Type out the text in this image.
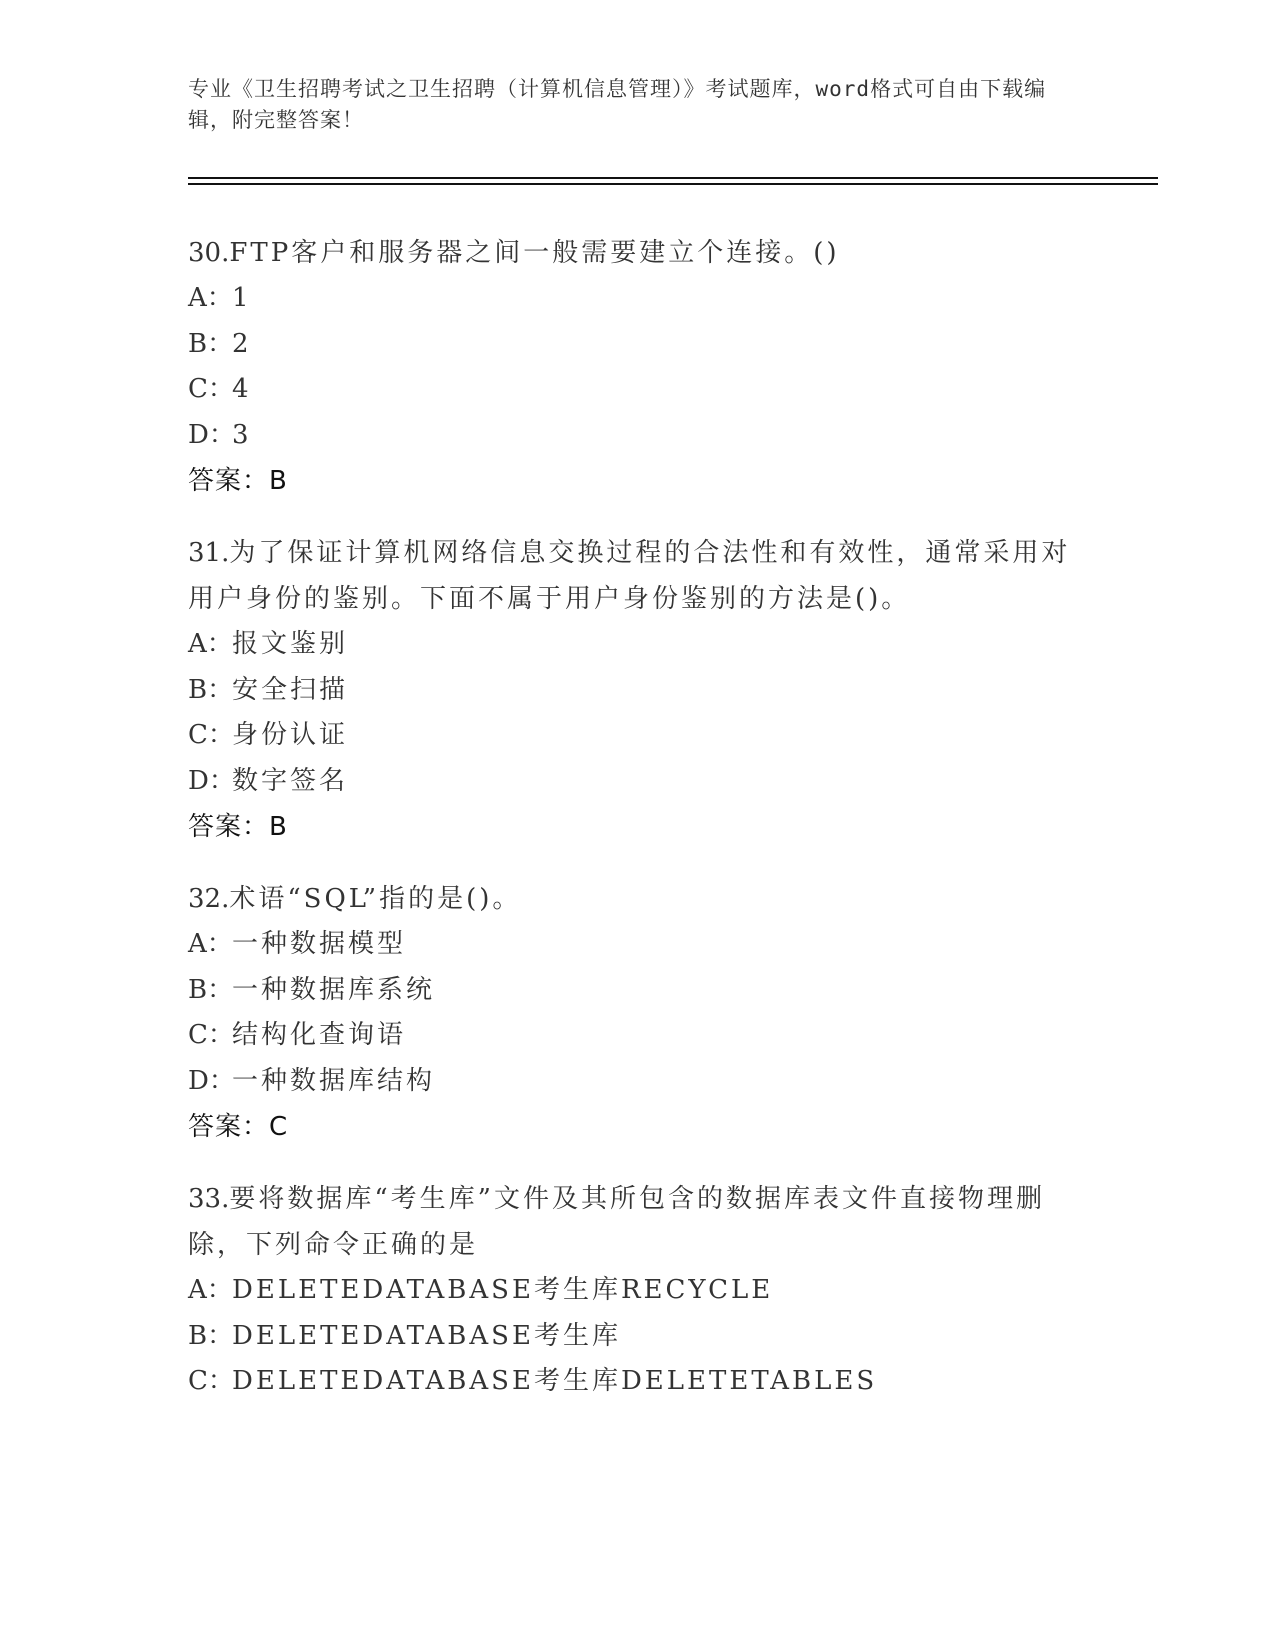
专业《卫生招聘考试之卫生招聘（计算机信息管理）》考试题库，word格式可自由下载编辑，附完整答案！
30.FTP客户和服务器之间一般需要建立个连接。()
A：1
B：2
C：4
D：3
答案：B
31.为了保证计算机网络信息交换过程的合法性和有效性，通常采用对用户身份的鉴别。下面不属于用户身份鉴别的方法是()。
A：报文鉴别
B：安全扫描
C：身份认证
D：数字签名
答案：B
32.术语“SQL”指的是()。
A：一种数据模型
B：一种数据库系统
C：结构化查询语
D：一种数据库结构
答案：C
33.要将数据库“考生库”文件及其所包含的数据库表文件直接物理删除，下列命令正确的是
A：DELETEDATABASE考生库RECYCLE
B：DELETEDATABASE考生库
C：DELETEDATABASE考生库DELETETABLES
